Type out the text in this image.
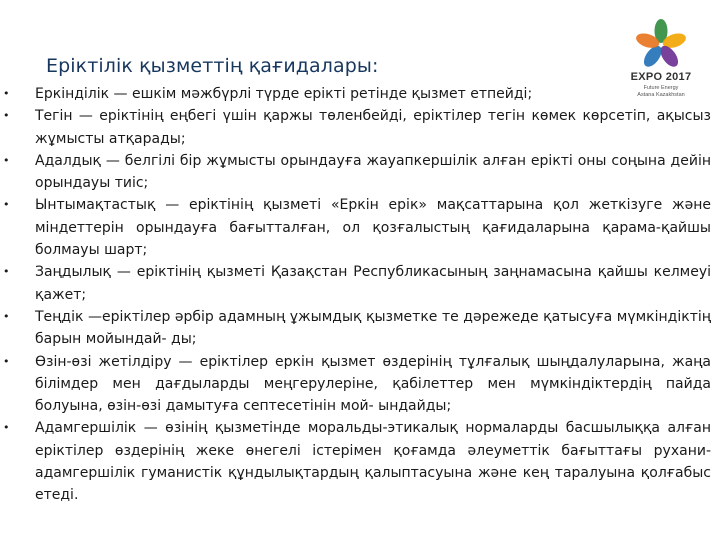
Еріктілік қызметтің қағидалары:	EXPO 2017
Future Energy
Astana Kazakhstan
• Еркінділік — ешкім мәжбүрлі түрде ерікті ретінде қызмет етпейді;
• Тегін — еріктінің еңбегі үшін қаржы төленбейді, еріктілер тегін көмек көрсетіп, ақысыз жұмысты атқарады;
• Адалдық — белгілі бір жұмысты орындауға жауапкершілік алған ерікті оны соңына дейін орындауы тиіс;
• Ынтымақтастық — еріктінің қызметі «Еркін ерік» мақсаттарына қол жеткізуге және міндеттерін орындауға бағытталған, ол қозғалыстың қағидаларына қарама-қайшы болмауы шарт;
• Заңдылық — еріктінің қызметі Қазақстан Республикасының заңнамасына қайшы келмеуі қажет;
• Теңдік —еріктілер әрбір адамның ұжымдық қызметке те дәрежеде қатысуға мүмкіндіктің барын мойындай- ды;
• Өзін-өзі жетілдіру — еріктілер еркін қызмет өздерінің тұлғалық шыңдалуларына, жаңа білімдер мен дағдыларды меңгерулеріне, қабілеттер мен мүмкіндіктердің пайда болуына, өзін-өзі дамытуға септесетінін мой- ындайды;
• Адамгершілік — өзінің қызметінде моральды-этикалық нормаларды басшылыққа алған еріктілер өздерінің жеке өнегелі істерімен қоғамда әлеуметтік бағыттағы рухани-адамгершілік гуманистік құндылықтардың қалыптасуына және кең таралуына қолғабыс етеді.
